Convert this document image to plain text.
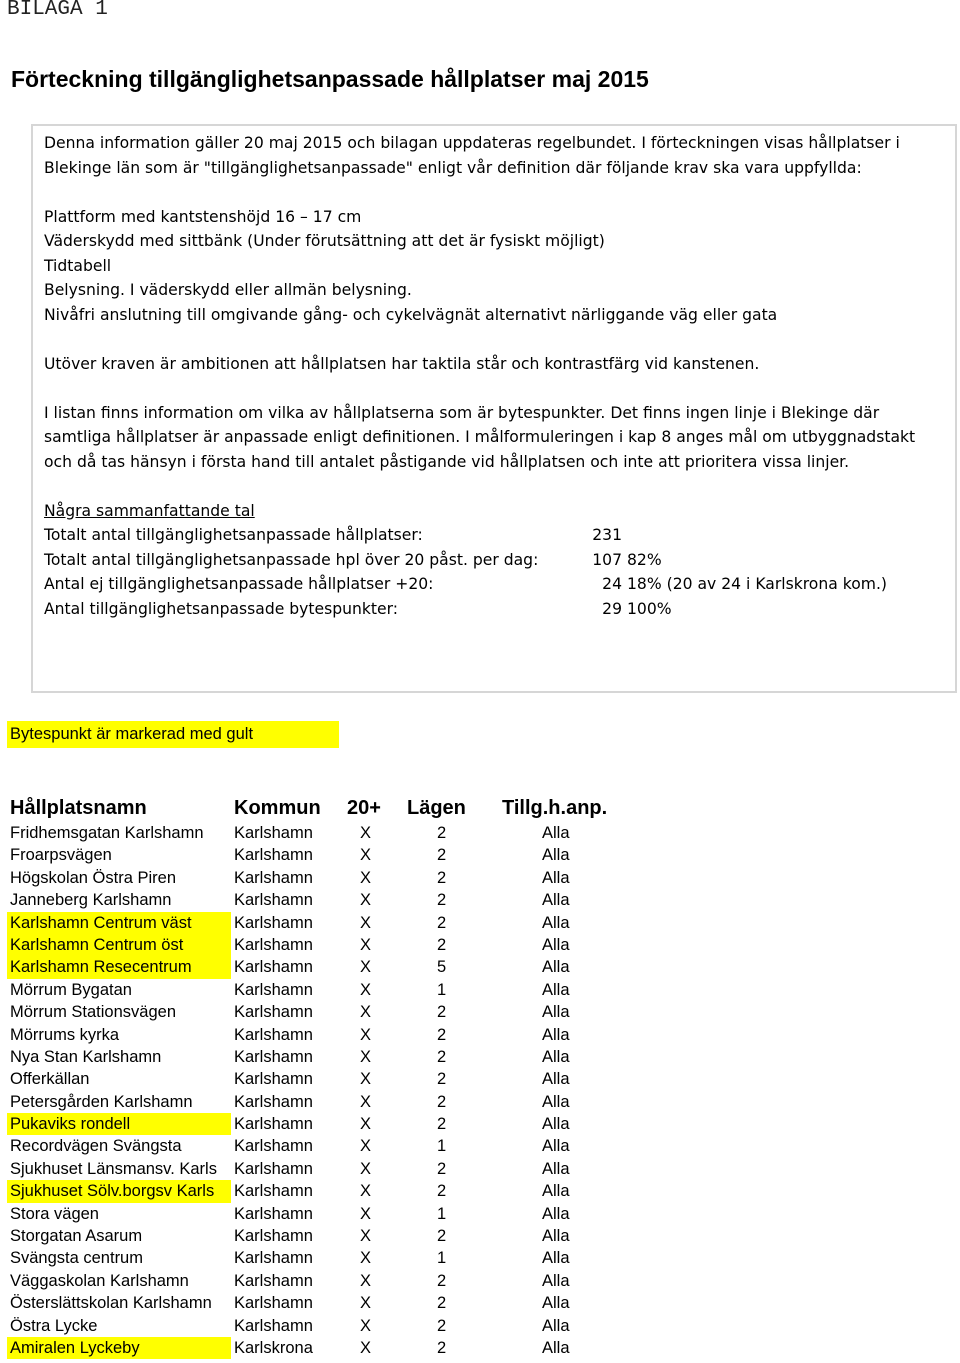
BILAGA 1
Förteckning tillgänglighetsanpassade hållplatser maj 2015

Denna information gäller 20 maj 2015 och bilagan uppdateras regelbundet. I förteckningen visas hållplatser i

Blekinge län som är "tillgänglighetsanpassade" enligt vår definition där följande krav ska vara uppfyllda:

Plattform med kantstenshöjd 16 – 17 cm

Väderskydd med sittbänk (Under förutsättning att det är fysiskt möjligt)

Tidtabell

Belysning. I väderskydd eller allmän belysning.

Nivåfri anslutning till omgivande gång- och cykelvägnät alternativt närliggande väg eller gata

Utöver kraven är ambitionen att hållplatsen har taktila står och kontrastfärg vid kanstenen.

I listan finns information om vilka av hållplatserna som är bytespunkter. Det finns ingen linje i Blekinge där

samtliga hållplatser är anpassade enligt definitionen. I målformuleringen i kap 8 anges mål om utbyggnadstakt

och då tas hänsyn i första hand till antalet påstigande vid hållplatsen och inte att prioritera vissa linjer.

Några sammanfattande tal

Totalt antal tillgänglighetsanpassade hållplatser:	231
Totalt antal tillgänglighetsanpassade hpl över 20 påst. per dag:	107 82%
Antal ej tillgänglighetsanpassade hållplatser +20:	24 18% (20 av 24 i Karlskrona kom.)
Antal tillgänglighetsanpassade bytespunkter:	29 100%
Bytespunkt är markerad med gult
Hållplatsnamn	Kommun 20+	Lägen	Tillg.h.anp.
Fridhemsgatan Karlshamn	Karlshamn	X	2	Alla
Froarpsvägen	Karlshamn	X	2	Alla
Högskolan Östra Piren	Karlshamn	X	2	Alla
Janneberg Karlshamn	Karlshamn	X	2	Alla
Karlshamn Centrum väst	Karlshamn	X	2	Alla
Karlshamn Centrum öst	Karlshamn	X	2	Alla
Karlshamn Resecentrum	Karlshamn	X	5	Alla
Mörrum Bygatan	Karlshamn	X	1	Alla
Mörrum Stationsvägen	Karlshamn	X	2	Alla
Mörrums kyrka	Karlshamn	X	2	Alla
Nya Stan Karlshamn	Karlshamn	X	2	Alla
Offerkällan	Karlshamn	X	2	Alla
Petersgården Karlshamn	Karlshamn	X	2	Alla
Pukaviks rondell	Karlshamn	X	2	Alla
Recordvägen Svängsta	Karlshamn	X	1	Alla
Sjukhuset Länsmansv. Karls	Karlshamn	X	2	Alla
Sjukhuset Sölv.borgsv Karls	Karlshamn	X	2	Alla
Stora vägen	Karlshamn	X	1	Alla
Storgatan Asarum	Karlshamn	X	2	Alla
Svängsta centrum	Karlshamn	X	1	Alla
Väggaskolan Karlshamn	Karlshamn	X	2	Alla
Österslättskolan Karlshamn	Karlshamn	X	2	Alla
Östra Lycke	Karlshamn	X	2	Alla
Amiralen Lyckeby	Karlskrona	X	2	Alla
